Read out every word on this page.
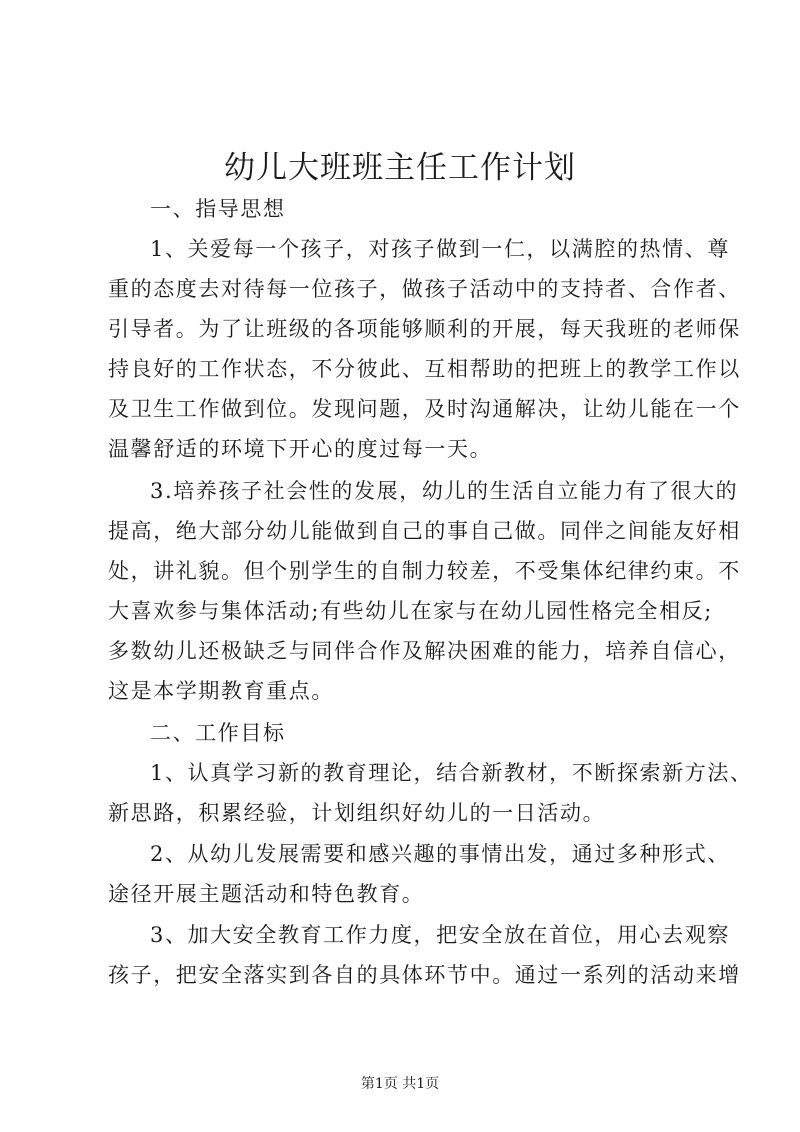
幼儿大班班主任工作计划
一、指导思想
1、关爱每一个孩子，对孩子做到一仁，以满腔的热情、尊
重的态度去对待每一位孩子，做孩子活动中的支持者、合作者、
引导者。为了让班级的各项能够顺利的开展，每天我班的老师保
持良好的工作状态，不分彼此、互相帮助的把班上的教学工作以
及卫生工作做到位。发现问题，及时沟通解决，让幼儿能在一个
温馨舒适的环境下开心的度过每一天。
3.培养孩子社会性的发展，幼儿的生活自立能力有了很大的
提高，绝大部分幼儿能做到自己的事自己做。同伴之间能友好相
处，讲礼貌。但个别学生的自制力较差，不受集体纪律约束。不
大喜欢参与集体活动;有些幼儿在家与在幼儿园性格完全相反;
多数幼儿还极缺乏与同伴合作及解决困难的能力，培养自信心，
这是本学期教育重点。
二、工作目标
1、认真学习新的教育理论，结合新教材，不断探索新方法、
新思路，积累经验，计划组织好幼儿的一日活动。
2、从幼儿发展需要和感兴趣的事情出发，通过多种形式、
途径开展主题活动和特色教育。
3、加大安全教育工作力度，把安全放在首位，用心去观察
孩子，把安全落实到各自的具体环节中。通过一系列的活动来增
第1页 共1页
